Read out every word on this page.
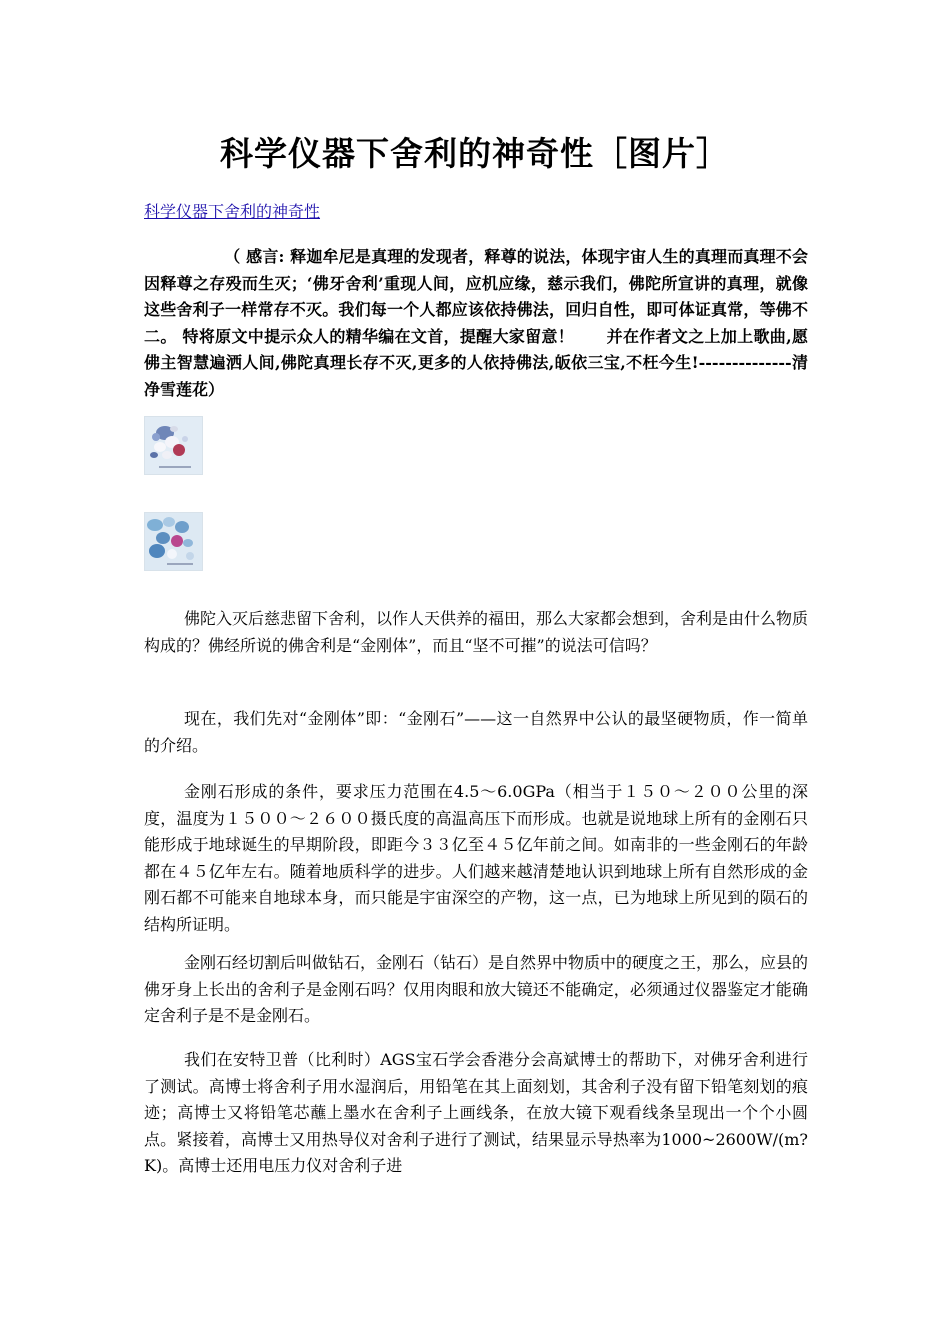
科学仪器下舍利的神奇性［图片］
科学仪器下舍利的神奇性

（ 感言: 释迦牟尼是真理的发现者，释尊的说法，体现宇宙人生的真理而真理不会因释尊之存殁而生灭；‘佛牙舍利’重现人间，应机应缘，慈示我们，佛陀所宣讲的真理，就像这些舍利子一样常存不灭。我们每一个人都应该依持佛法，回归自性，即可体证真常，等佛不二。 特将原文中提示众人的精华编在文首，提醒大家留意！　　并在作者文之上加上歌曲,愿佛主智慧遍洒人间,佛陀真理长存不灭,更多的人依持佛法,皈依三宝,不枉今生!--------------清净雪莲花）

佛陀入灭后慈悲留下舍利，以作人天供养的福田，那么大家都会想到，舍利是由什么物质构成的？佛经所说的佛舍利是“金刚体”，而且“坚不可摧”的说法可信吗？

现在，我们先对“金刚体”即：“金刚石”——这一自然界中公认的最坚硬物质，作一简单的介绍。

金刚石形成的条件，要求压力范围在4.5～6.0GPa（相当于１５０～２００公里的深度，温度为１５００～２６００摄氏度的高温高压下而形成。也就是说地球上所有的金刚石只能形成于地球诞生的早期阶段，即距今３３亿至４５亿年前之间。如南非的一些金刚石的年龄都在４５亿年左右。随着地质科学的进步。人们越来越清楚地认识到地球上所有自然形成的金刚石都不可能来自地球本身，而只能是宇宙深空的产物，这一点，已为地球上所见到的陨石的结构所证明。

金刚石经切割后叫做钻石，金刚石（钻石）是自然界中物质中的硬度之王，那么，应县的佛牙身上长出的舍利子是金刚石吗？仅用肉眼和放大镜还不能确定，必须通过仪器鉴定才能确定舍利子是不是金刚石。

我们在安特卫普（比利时）AGS宝石学会香港分会高斌博士的帮助下，对佛牙舍利进行了测试。高博士将舍利子用水湿润后，用铅笔在其上面刻划，其舍利子没有留下铅笔刻划的痕迹；高博士又将铅笔芯蘸上墨水在舍利子上画线条，在放大镜下观看线条呈现出一个个小圆点。紧接着，高博士又用热导仪对舍利子进行了测试，结果显示导热率为1000~2600W/(m?K)。高博士还用电压力仪对舍利子进
